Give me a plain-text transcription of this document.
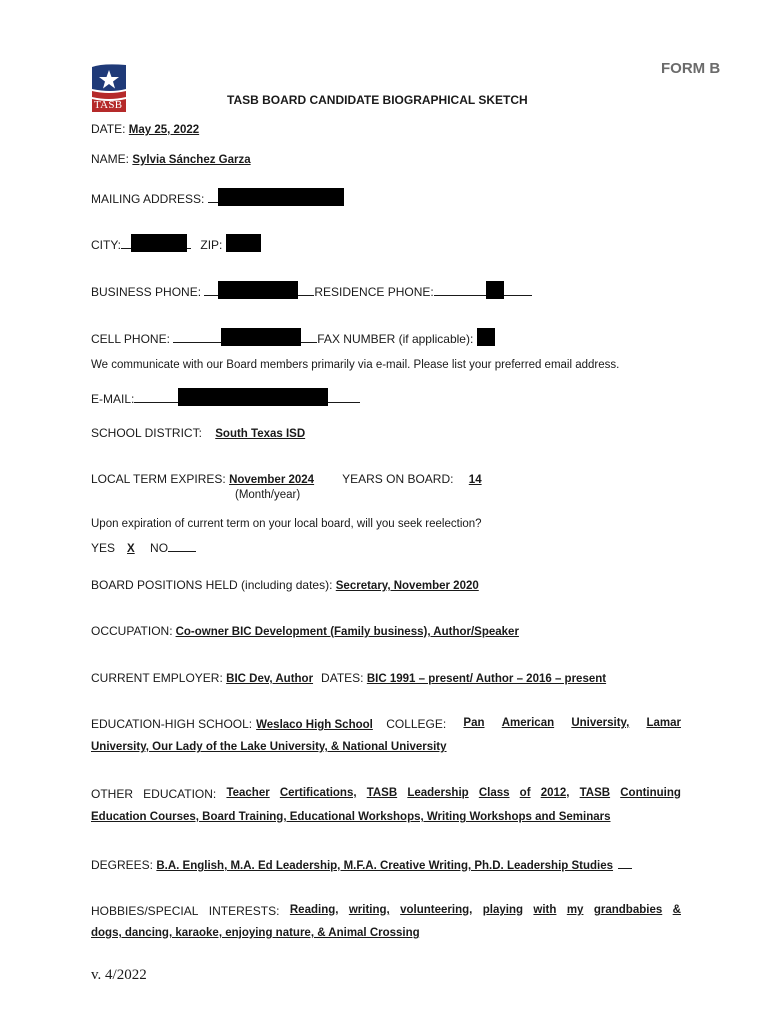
FORM B
TASB	TASB BOARD CANDIDATE BIOGRAPHICAL SKETCH
DATE: May 25, 2022
NAME: Sylvia Sánchez Garza
MAILING ADDRESS:
CITY:	ZIP:
BUSINESS PHONE:	RESIDENCE PHONE:
CELL PHONE:	FAX NUMBER (if applicable):
We communicate with our Board members primarily via e-mail. Please list your preferred email address.
E-MAIL:
SCHOOL DISTRICT: South Texas ISD
LOCAL TERM EXPIRES: November 2024 YEARS ON BOARD: 14
(Month/year)
Upon expiration of current term on your local board, will you seek reelection?
YES X NO
BOARD POSITIONS HELD (including dates): Secretary, November 2020
OCCUPATION: Co-owner BIC Development (Family business), Author/Speaker
CURRENT EMPLOYER: BIC Dev, Author DATES: BIC 1991 – present/ Author – 2016 – present
EDUCATION-HIGH SCHOOL: Weslaco High School COLLEGE: Pan American University, Lamar
University, Our Lady of the Lake University, & National University
OTHER EDUCATION: Teacher Certifications, TASB Leadership Class of 2012, TASB Continuing
Education Courses, Board Training, Educational Workshops, Writing Workshops and Seminars
DEGREES: B.A. English, M.A. Ed Leadership, M.F.A. Creative Writing, Ph.D. Leadership Studies
HOBBIES/SPECIAL INTERESTS: Reading, writing, volunteering, playing with my grandbabies &
dogs, dancing, karaoke, enjoying nature, & Animal Crossing
v. 4/2022
